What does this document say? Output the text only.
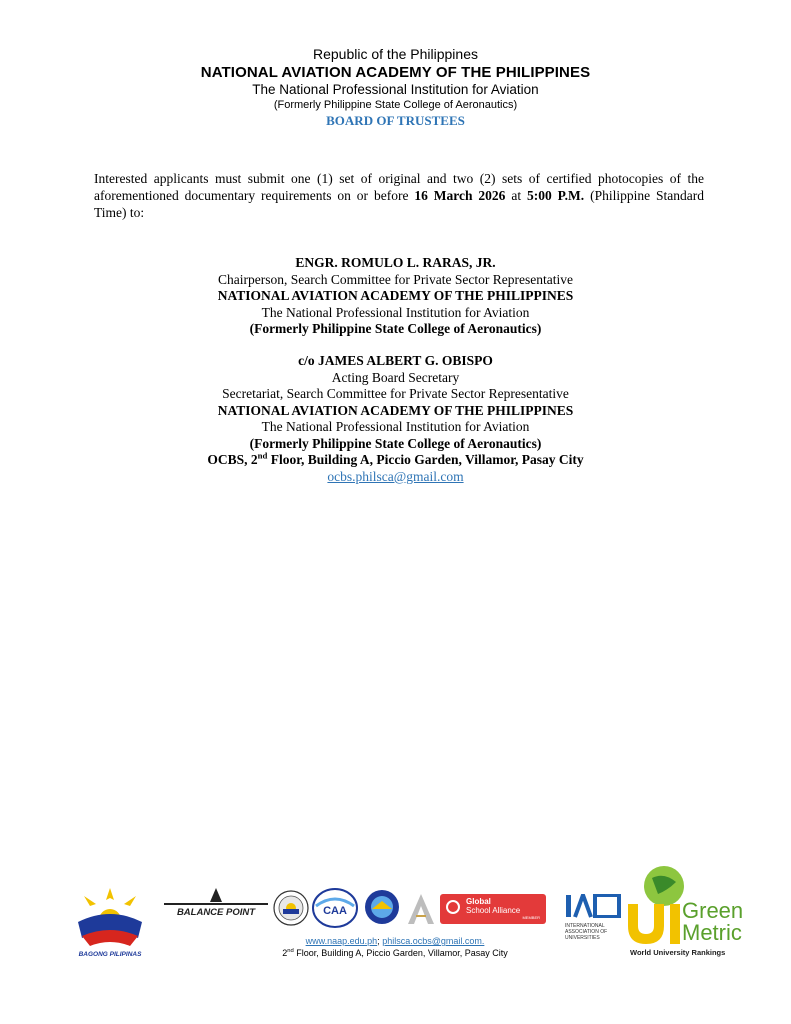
Republic of the Philippines
NATIONAL AVIATION ACADEMY OF THE PHILIPPINES
The National Professional Institution for Aviation
(Formerly Philippine State College of Aeronautics)
BOARD OF TRUSTEES
Interested applicants must submit one (1) set of original and two (2) sets of certified photocopies of the aforementioned documentary requirements on or before 16 March 2026 at 5:00 P.M. (Philippine Standard Time) to:
ENGR. ROMULO L. RARAS, JR.
Chairperson, Search Committee for Private Sector Representative
NATIONAL AVIATION ACADEMY OF THE PHILIPPINES
The National Professional Institution for Aviation
(Formerly Philippine State College of Aeronautics)
c/o JAMES ALBERT G. OBISPO
Acting Board Secretary
Secretariat, Search Committee for Private Sector Representative
NATIONAL AVIATION ACADEMY OF THE PHILIPPINES
The National Professional Institution for Aviation
(Formerly Philippine State College of Aeronautics)
OCBS, 2nd Floor, Building A, Piccio Garden, Villamor, Pasay City
ocbs.philsca@gmail.com
BAGONG PILIPINAS
BALANCE POINT	CAA
Global
School Alliance
MEMBER
INTERNATIONAL
ASSOCIATION OF
UNIVERSITIES
Green
Metric
World University Rankings
www.naap.edu.ph; philsca.ocbs@gmail.com.
2nd Floor, Building A, Piccio Garden, Villamor, Pasay City
